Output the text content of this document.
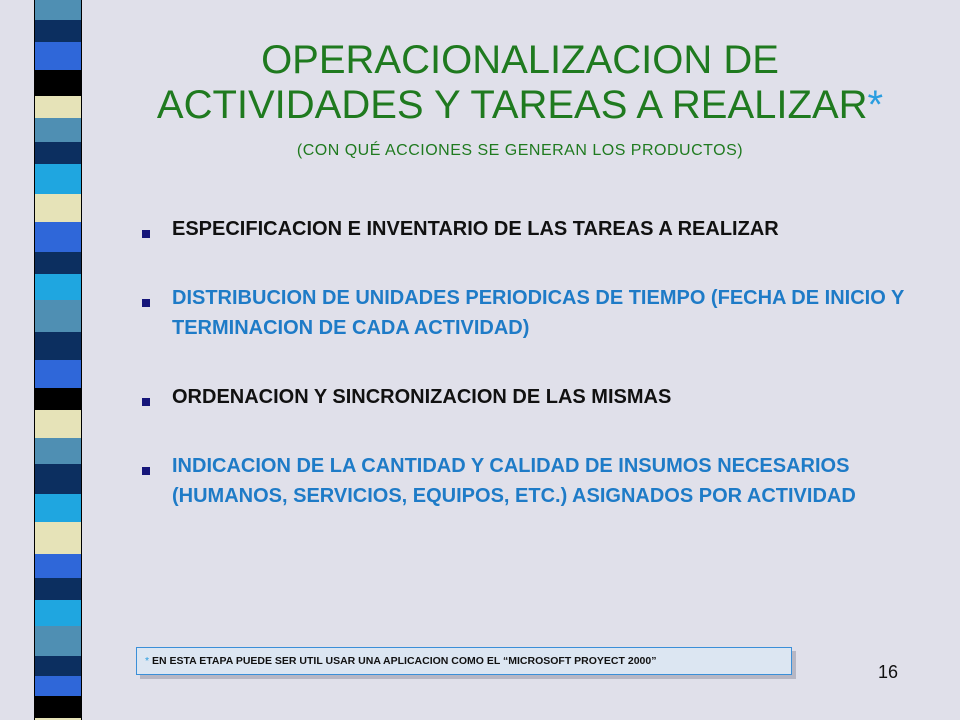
OPERACIONALIZACION DE
ACTIVIDADES Y TAREAS A REALIZAR*
(CON QUÉ ACCIONES SE GENERAN LOS PRODUCTOS)
ESPECIFICACION E INVENTARIO DE LAS TAREAS A REALIZAR
DISTRIBUCION DE UNIDADES PERIODICAS DE TIEMPO (FECHA DE INICIO Y TERMINACION DE CADA ACTIVIDAD)
ORDENACION Y SINCRONIZACION DE LAS MISMAS
INDICACION DE LA CANTIDAD Y CALIDAD DE INSUMOS NECESARIOS (HUMANOS, SERVICIOS, EQUIPOS, ETC.) ASIGNADOS POR ACTIVIDAD
* EN ESTA ETAPA PUEDE SER UTIL USAR UNA APLICACION COMO EL “MICROSOFT PROYECT 2000”
16
